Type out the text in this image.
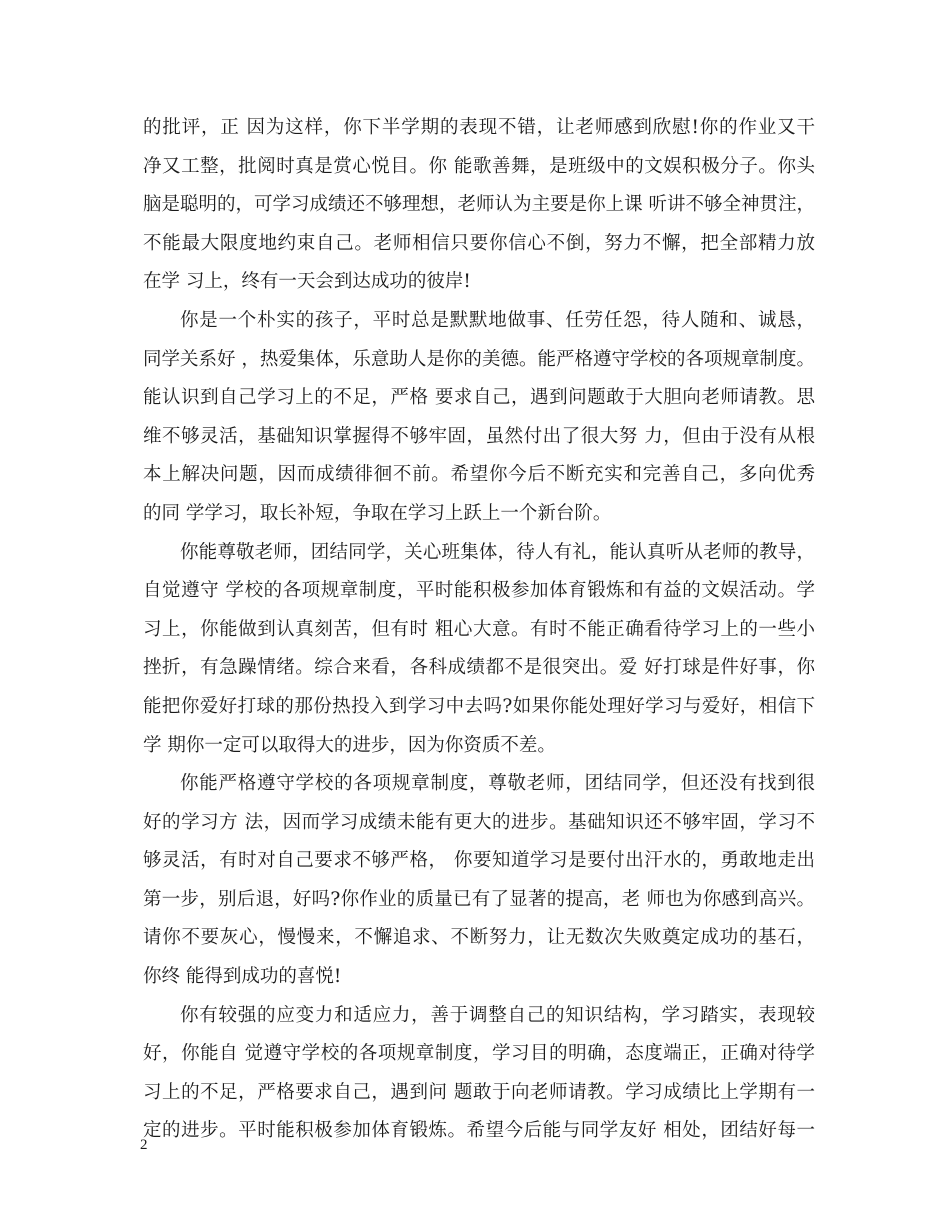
的批评，正 因为这样，你下半学期的表现不错，让老师感到欣慰!你的作业又干
净又工整，批阅时真是赏心悦目。你 能歌善舞，是班级中的文娱积极分子。你头
脑是聪明的，可学习成绩还不够理想，老师认为主要是你上课 听讲不够全神贯注，
不能最大限度地约束自己。老师相信只要你信心不倒，努力不懈，把全部精力放
在学 习上，终有一天会到达成功的彼岸!
你是一个朴实的孩子，平时总是默默地做事、任劳任怨，待人随和、诚恳，
同学关系好 ，热爱集体，乐意助人是你的美德。能严格遵守学校的各项规章制度。
能认识到自己学习上的不足，严格 要求自己，遇到问题敢于大胆向老师请教。思
维不够灵活，基础知识掌握得不够牢固，虽然付出了很大努 力，但由于没有从根
本上解决问题，因而成绩徘徊不前。希望你今后不断充实和完善自己，多向优秀
的同 学学习，取长补短，争取在学习上跃上一个新台阶。
你能尊敬老师，团结同学，关心班集体，待人有礼，能认真听从老师的教导，
自觉遵守 学校的各项规章制度，平时能积极参加体育锻炼和有益的文娱活动。学
习上，你能做到认真刻苦，但有时 粗心大意。有时不能正确看待学习上的一些小
挫折，有急躁情绪。综合来看，各科成绩都不是很突出。爱 好打球是件好事，你
能把你爱好打球的那份热投入到学习中去吗?如果你能处理好学习与爱好，相信下
学 期你一定可以取得大的进步，因为你资质不差。
你能严格遵守学校的各项规章制度，尊敬老师，团结同学，但还没有找到很
好的学习方 法，因而学习成绩未能有更大的进步。基础知识还不够牢固，学习不
够灵活，有时对自己要求不够严格， 你要知道学习是要付出汗水的，勇敢地走出
第一步，别后退，好吗?你作业的质量已有了显著的提高，老 师也为你感到高兴。
请你不要灰心，慢慢来，不懈追求、不断努力，让无数次失败奠定成功的基石，
你终 能得到成功的喜悦!
你有较强的应变力和适应力，善于调整自己的知识结构，学习踏实，表现较
好，你能自 觉遵守学校的各项规章制度，学习目的明确，态度端正，正确对待学
习上的不足，严格要求自己，遇到问 题敢于向老师请教。学习成绩比上学期有一
定的进步。平时能积极参加体育锻炼。希望今后能与同学友好 相处，团结好每一
2
